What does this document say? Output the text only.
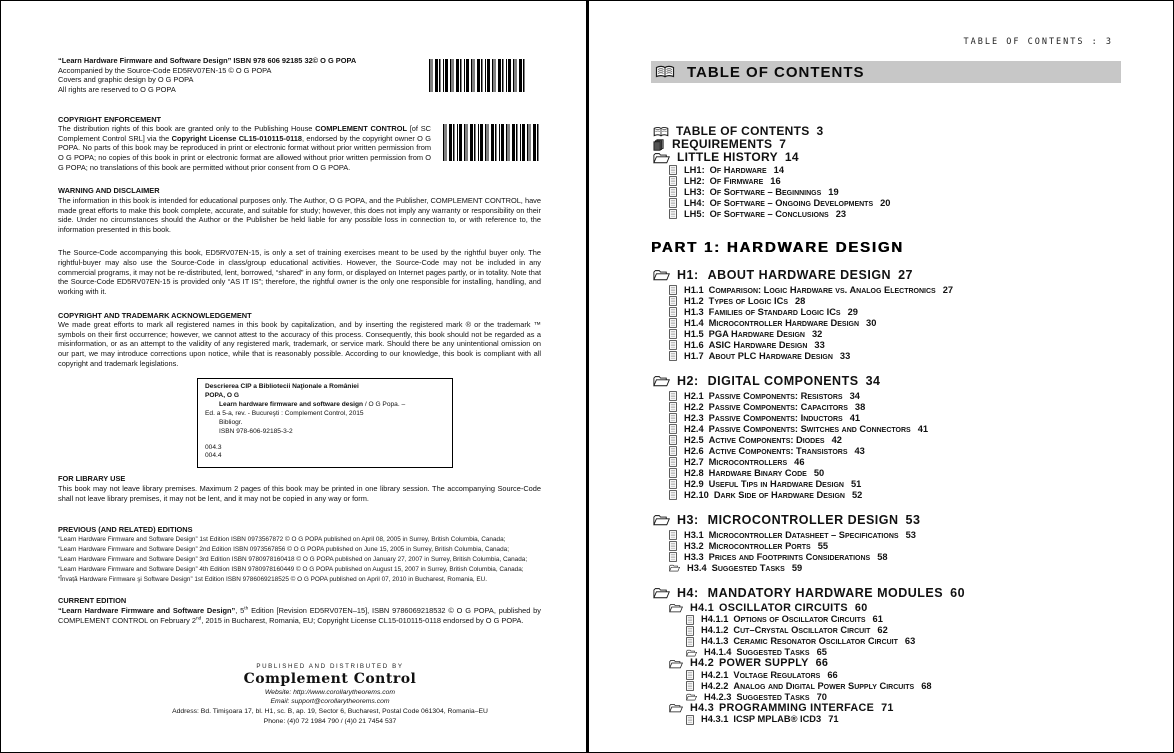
“Learn Hardware Firmware and Software Design” ISBN 978 606 92185 32© O G POPA
Accompanied by the Source-Code ED5RV07EN-15 © O G POPA
Covers and graphic design by O G POPA
All rights are reserved to O G POPA
COPYRIGHT ENFORCEMENT

The distribution rights of this book are granted only to the Publishing House COMPLEMENT CONTROL [of SC Complement Control SRL] via the Copyright License CL15-010115-0118, endorsed by the copyright owner O G POPA. No parts of this book may be reproduced in print or electronic format without prior written permission from O G POPA; no copies of this book in print or electronic format are allowed without prior written permission from O G POPA; no translations of this book are permitted without prior consent from O G POPA.

WARNING AND DISCLAIMER

The information in this book is intended for educational purposes only. The Author, O G POPA, and the Publisher, COMPLEMENT CONTROL, have made great efforts to make this book complete, accurate, and suitable for study; however, this does not imply any warranty or responsibility on their side. Under no circumstances should the Author or the Publisher be held liable for any possible loss in connection to, or with reference to, the information presented in this book.

The Source-Code accompanying this book, ED5RV07EN-15, is only a set of training exercises meant to be used by the rightful buyer only. The rightful-buyer may also use the Source-Code in class/group educational activities. However, the Source-Code may not be included in any commercial programs, it may not be re-distributed, lent, borrowed, “shared” in any form, or displayed on Internet pages partly, or in totality. Note that the Source-Code ED5RV07EN-15 is provided only “AS IT IS”; therefore, the rightful owner is the only one responsible for installing, handling, and working with it.

COPYRIGHT AND TRADEMARK ACKNOWLEDGEMENT

We made great efforts to mark all registered names in this book by capitalization, and by inserting the registered mark ® or the trademark ™ symbols on their first occurrence; however, we cannot attest to the accuracy of this process. Consequently, this book should not be regarded as a misinformation, or as an attempt to the validity of any registered mark, trademark, or service mark. Should there be any unintentional omission on our part, we may introduce corrections upon notice, while that is reasonably possible. According to our knowledge, this book is compliant with all copyright and trademark legislations.

Descrierea CIP a Bibliotecii Naţionale a României
POPA, O G
Learn hardware firmware and software design / O G Popa. –
Ed. a 5-a, rev. - Bucureşti : Complement Control, 2015
Bibliogr.
ISBN 978-606-92185-3-2
004.3
004.4
FOR LIBRARY USE

This book may not leave library premises. Maximum 2 pages of this book may be printed in one library session. The accompanying Source-Code shall not leave library premises, it may not be lent, and it may not be copied in any way or form.

PREVIOUS (AND RELATED) EDITIONS

“Learn Hardware Firmware and Software Design” 1st Edition ISBN 0973567872 © O G POPA published on April 08, 2005 in Surrey, British Columbia, Canada;

“Learn Hardware Firmware and Software Design” 2nd Edition ISBN 0973567856 © O G POPA published on June 15, 2005 in Surrey, British Columbia, Canada;

“Learn Hardware Firmware and Software Design” 3rd Edition ISBN 9780978160418 © O G POPA published on January 27, 2007 in Surrey, British Columbia, Canada;

“Learn Hardware Firmware and Software Design” 4th Edition ISBN 9780978160449 © O G POPA published on August 15, 2007 in Surrey, British Columbia, Canada;

“Învață Hardware Firmware şi Software Design” 1st Edition ISBN 9786069218525 © O G POPA published on April 07, 2010 in Bucharest, Romania, EU.

CURRENT EDITION

“Learn Hardware Firmware and Software Design”, 5th Edition [Revision ED5RV07EN–15], ISBN 9786069218532 © O G POPA, published by COMPLEMENT CONTROL on February 2nd, 2015 in Bucharest, Romania, EU; Copyright License CL15-010115-0118 endorsed by O G POPA.

PUBLISHED AND DISTRIBUTED BY
Complement Control
Website: http://www.corollarytheorems.com
Email: support@corollarytheorems.com
Address: Bd. Timişoara 17, bl. H1, sc. B, ap. 19, Sector 6, Bucharest, Postal Code 061304, Romania–EU
Phone: (4)0 72 1984 790 / (4)0 21 7454 537
TABLE OF CONTENTS : 3
TABLE OF CONTENTS
TABLE OF CONTENTS 3
REQUIREMENTS 7
LITTLE HISTORY 14
LH1: Of Hardware 14
LH2: Of Firmware 16
LH3: Of Software – Beginnings 19
LH4: Of Software – Ongoing Developments 20
LH5: Of Software – Conclusions 23
PART 1: HARDWARE DESIGN
H1: ABOUT HARDWARE DESIGN 27
H1.1 Comparison: Logic Hardware vs. Analog Electronics 27
H1.2 Types of Logic ICs 28
H1.3 Families of Standard Logic ICs 29
H1.4 Microcontroller Hardware Design 30
H1.5 PGA Hardware Design 32
H1.6 ASIC Hardware Design 33
H1.7 About PLC Hardware Design 33
H2: DIGITAL COMPONENTS 34
H2.1 Passive Components: Resistors 34
H2.2 Passive Components: Capacitors 38
H2.3 Passive Components: Inductors 41
H2.4 Passive Components: Switches and Connectors 41
H2.5 Active Components: Diodes 42
H2.6 Active Components: Transistors 43
H2.7 Microcontrollers 46
H2.8 Hardware Binary Code 50
H2.9 Useful Tips in Hardware Design 51
H2.10 Dark Side of Hardware Design 52
H3: MICROCONTROLLER DESIGN 53
H3.1 Microcontroller Datasheet – Specifications 53
H3.2 Microcontroller Ports 55
H3.3 Prices and Footprints Considerations 58
H3.4 Suggested Tasks 59
H4: MANDATORY HARDWARE MODULES 60
H4.1 OSCILLATOR CIRCUITS 60
H4.1.1 Options of Oscillator Circuits 61
H4.1.2 Cut–Crystal Oscillator Circuit 62
H4.1.3 Ceramic Resonator Oscillator Circuit 63
H4.1.4 Suggested Tasks 65
H4.2 POWER SUPPLY 66
H4.2.1 Voltage Regulators 66
H4.2.2 Analog and Digital Power Supply Circuits 68
H4.2.3 Suggested Tasks 70
H4.3 PROGRAMMING INTERFACE 71
H4.3.1 ICSP MPLAB® ICD3 71
